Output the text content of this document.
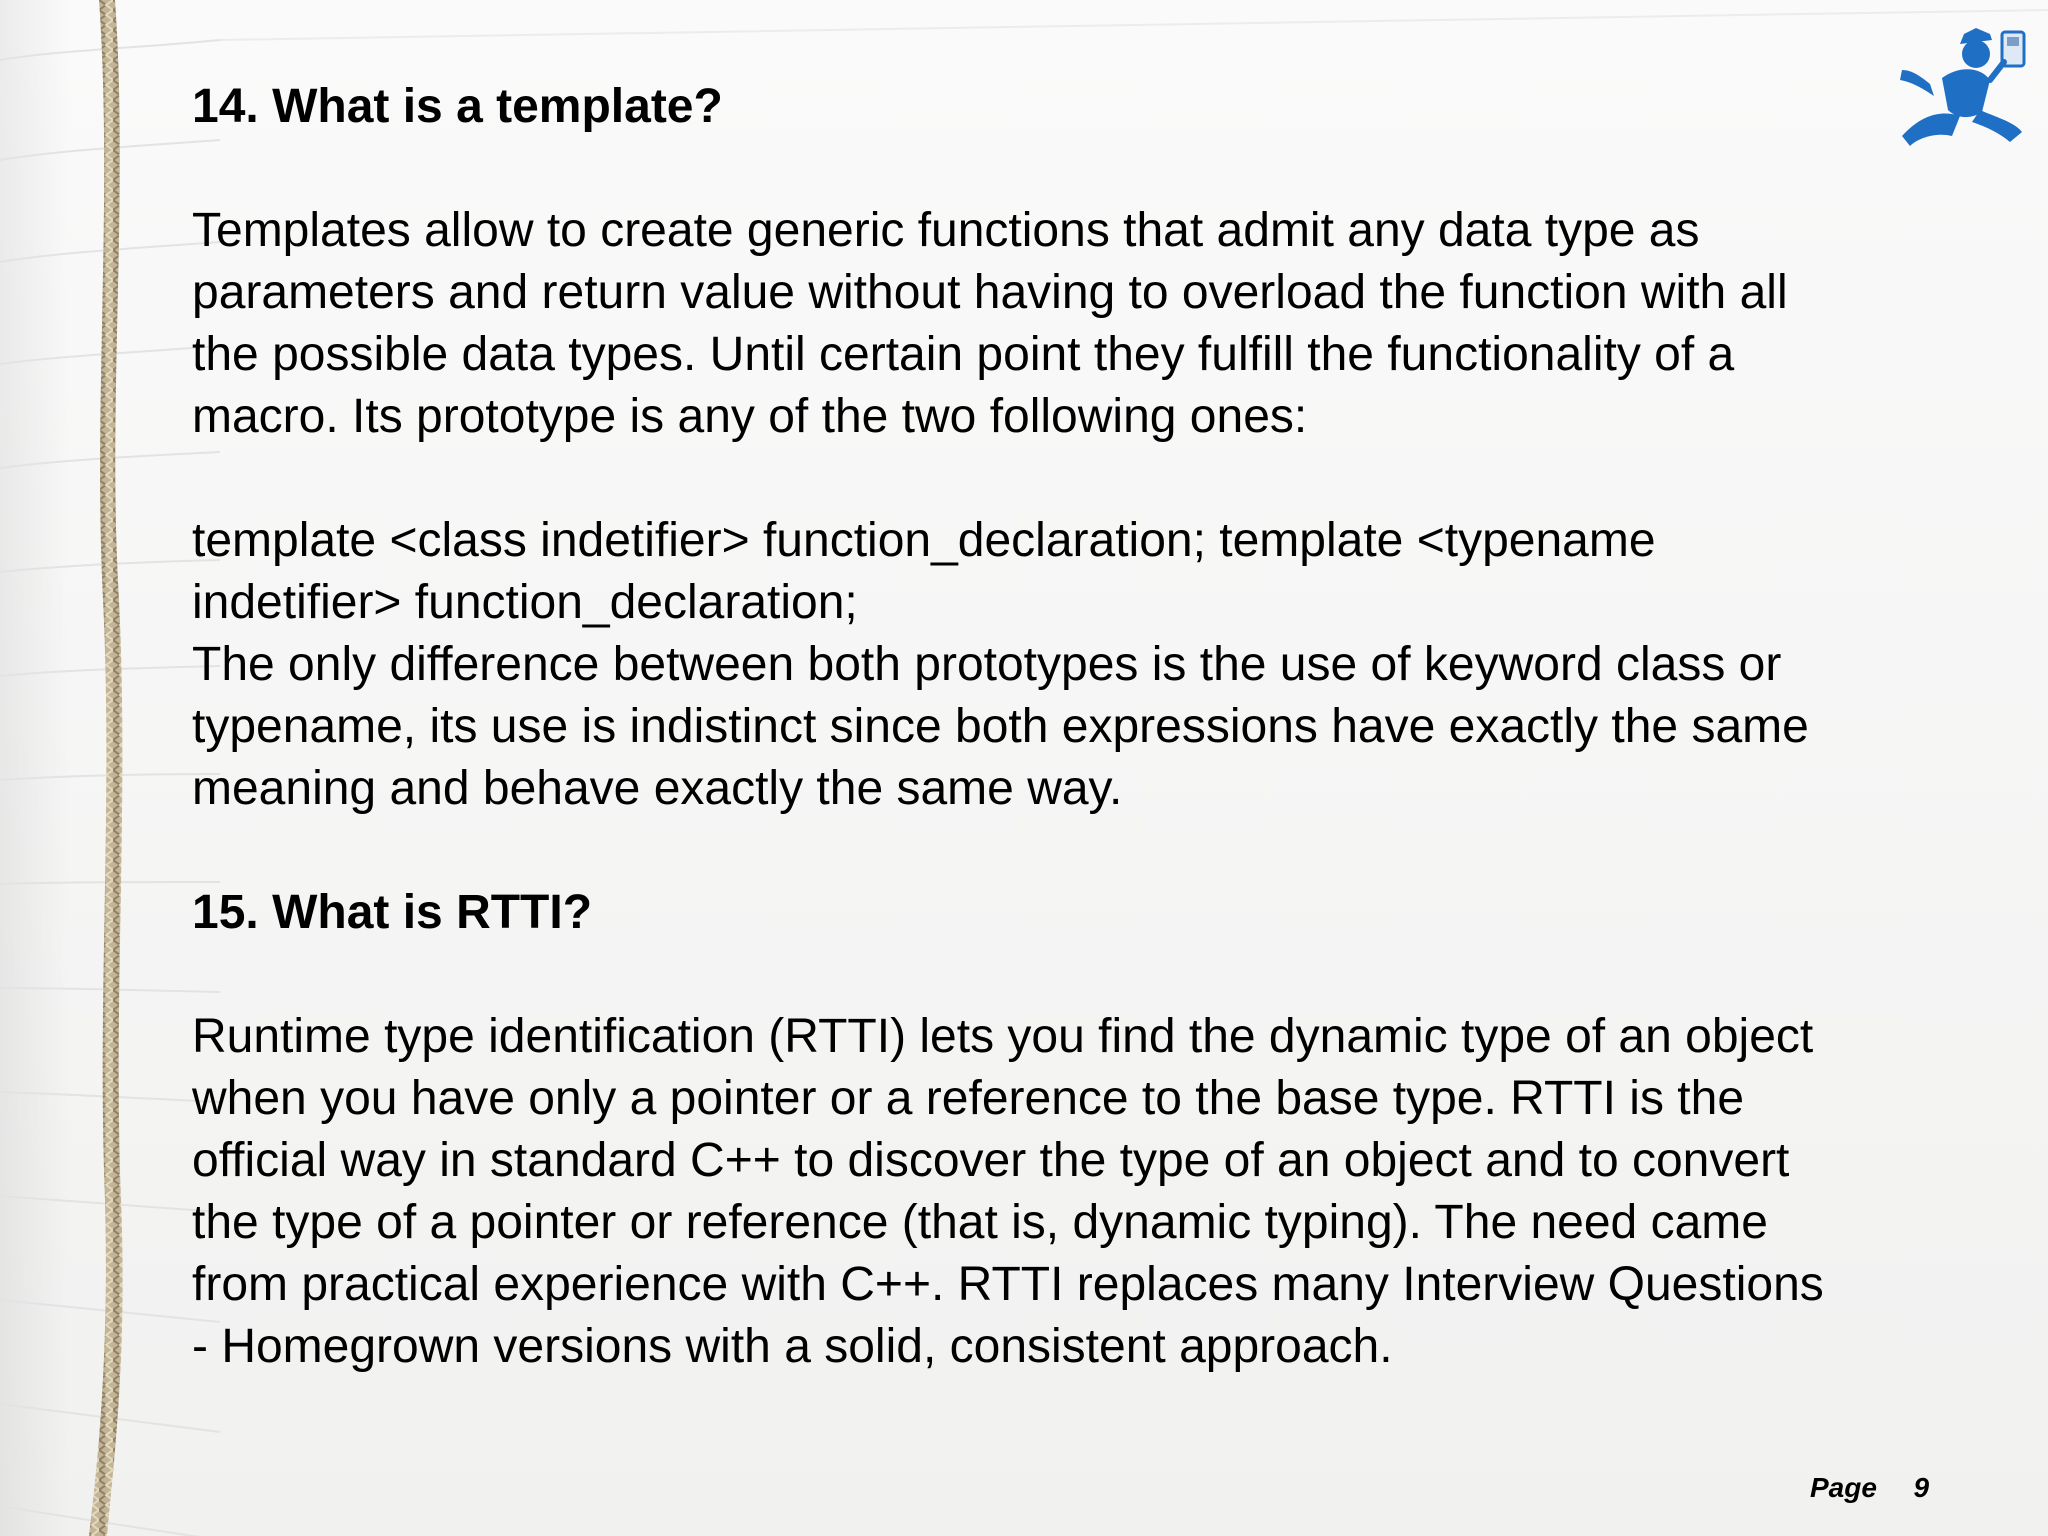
14. What is a template?

Templates allow to create generic functions that admit any data type as
parameters and return value without having to overload the function with all
the possible data types. Until certain point they fulfill the functionality of a
macro. Its prototype is any of the two following ones:

template <class indetifier> function_declaration; template <typename
indetifier> function_declaration;
The only difference between both prototypes is the use of keyword class or
typename, its use is indistinct since both expressions have exactly the same
meaning and behave exactly the same way.

15. What is RTTI?

Runtime type identification (RTTI) lets you find the dynamic type of an object
when you have only a pointer or a reference to the base type. RTTI is the
official way in standard C++ to discover the type of an object and to convert
the type of a pointer or reference (that is, dynamic typing). The need came
from practical experience with C++. RTTI replaces many Interview Questions
- Homegrown versions with a solid, consistent approach.

Page 9
